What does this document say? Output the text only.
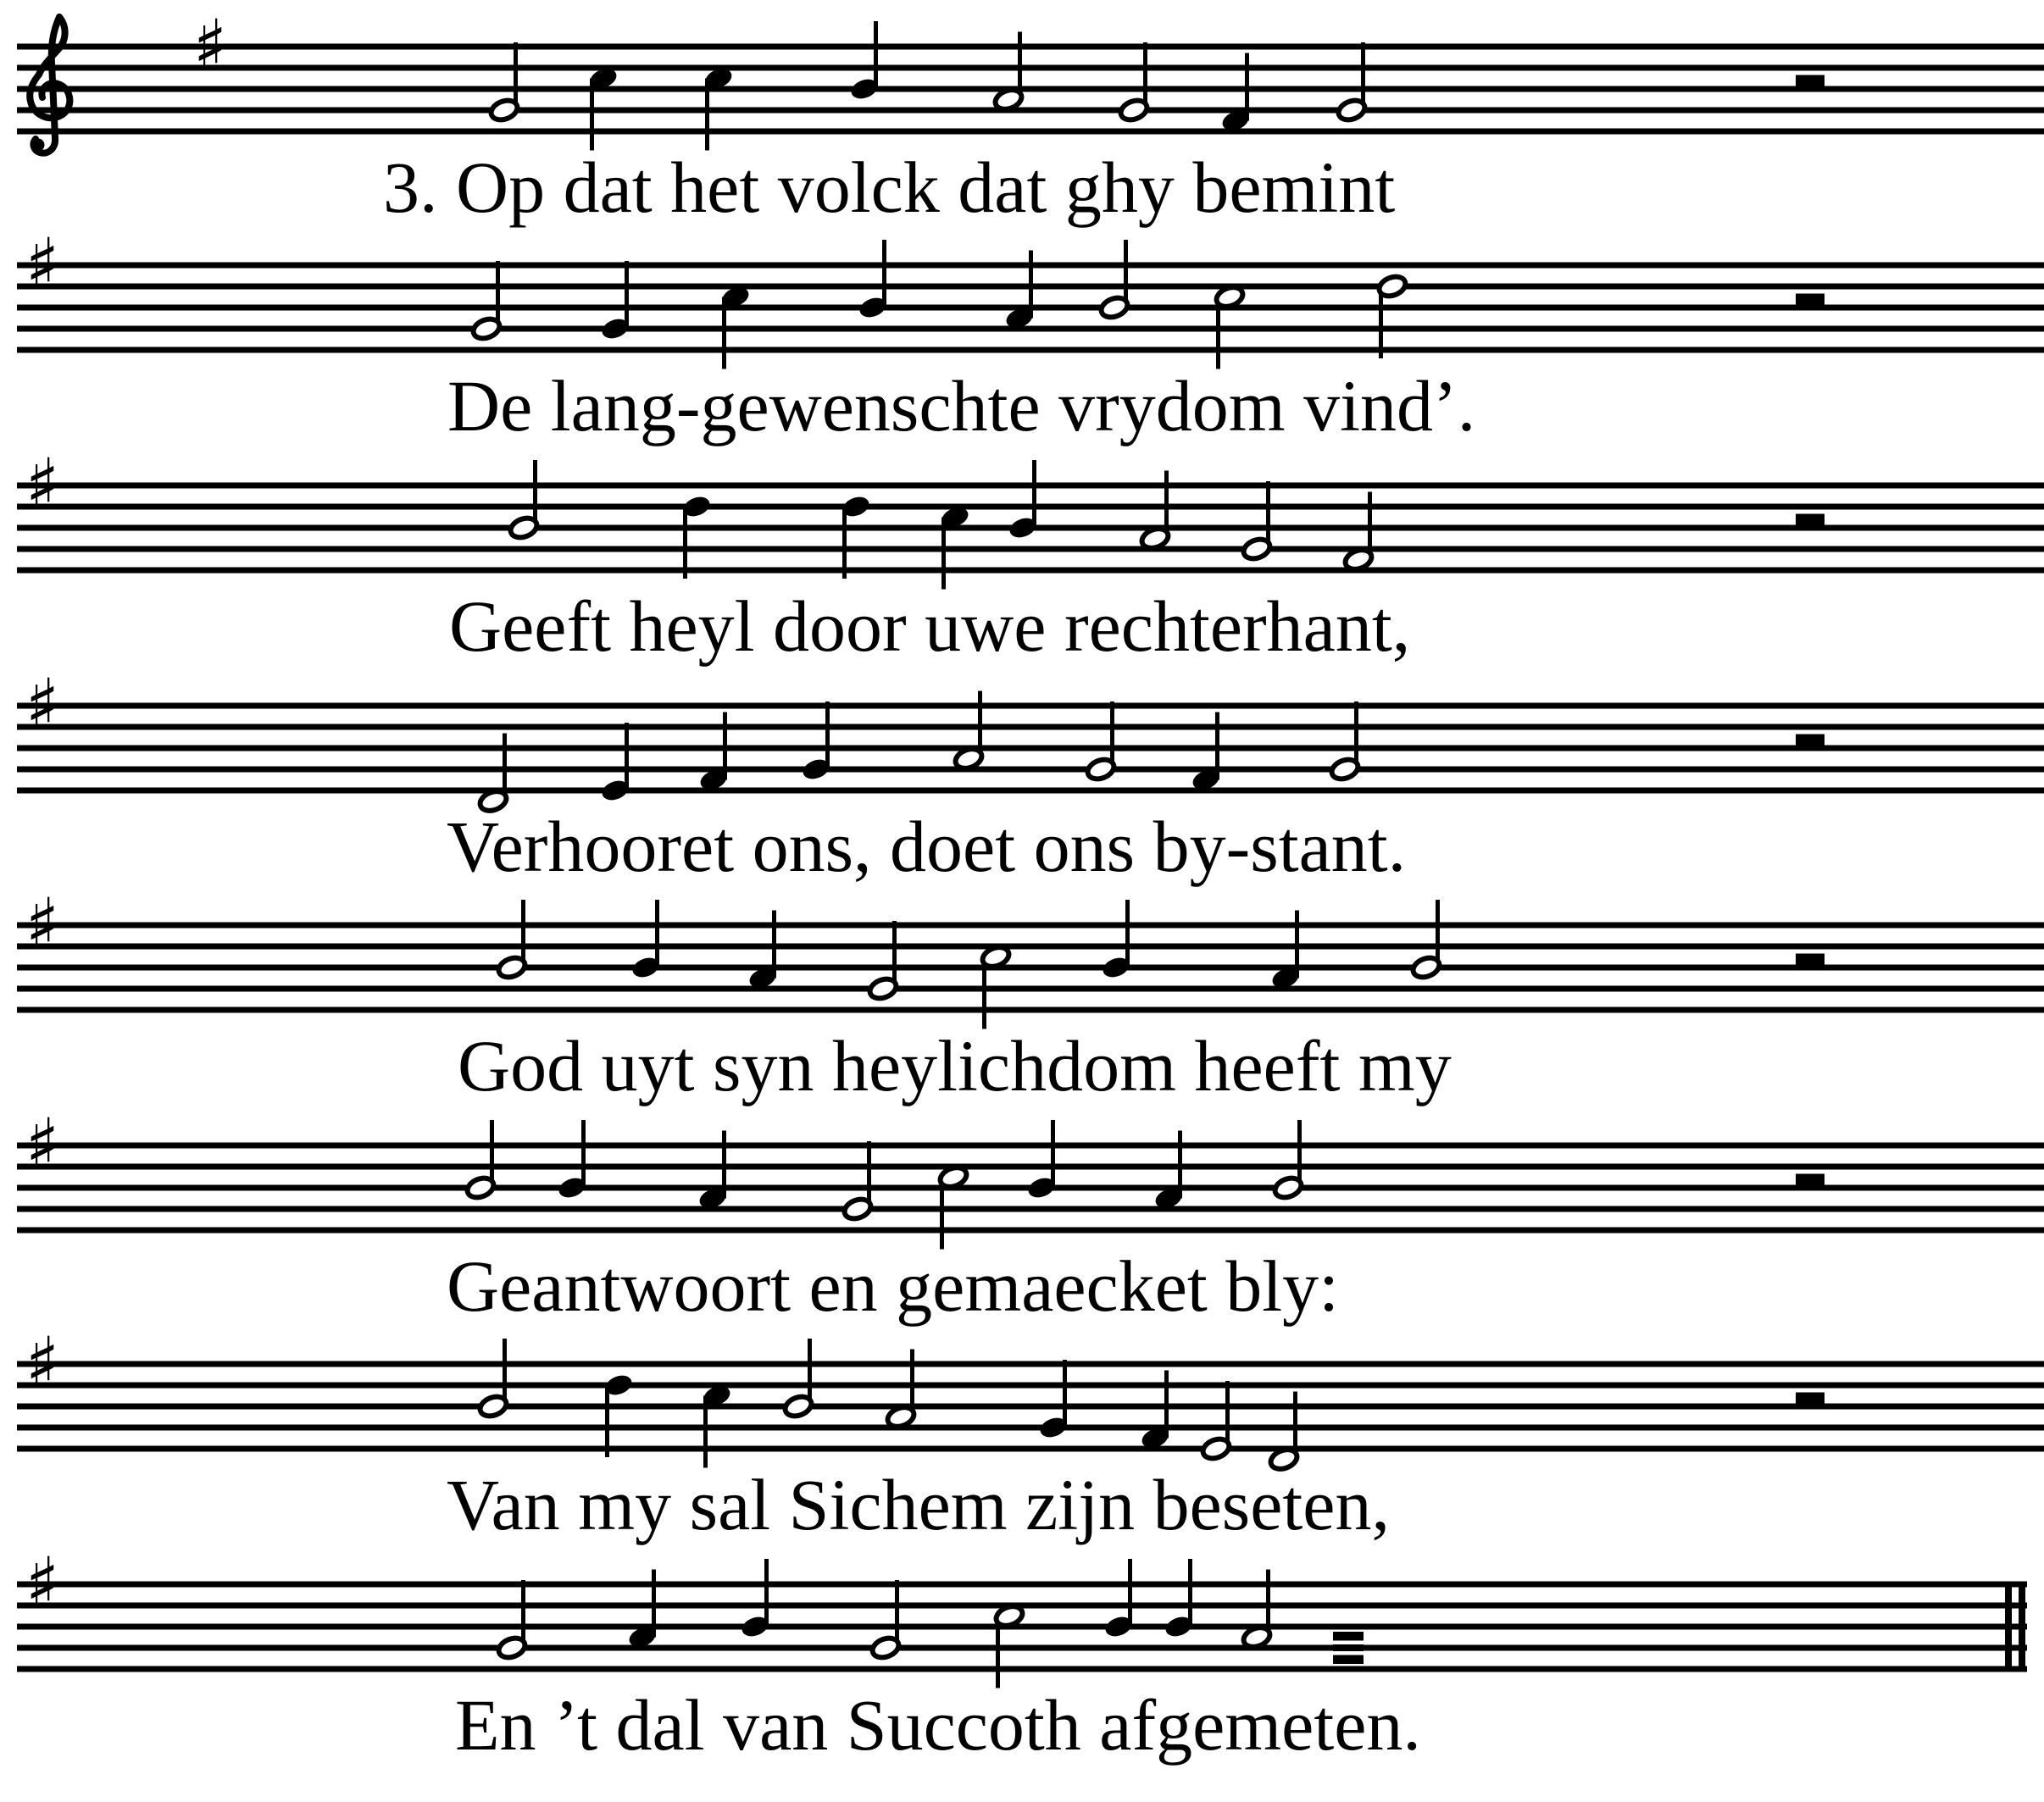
♯
♯
♯
♯
♯
♯
♯
♯
3. Op dat het volck dat ghy bemint
De lang-gewenschte vrydom vind’.
Geeft heyl door uwe rechterhant,
Verhooret ons, doet ons by-stant.
God uyt syn heylichdom heeft my
Geantwoort en gemaecket bly:
Van my sal Sichem zijn beseten,
En ’t dal van Succoth afgemeten.
